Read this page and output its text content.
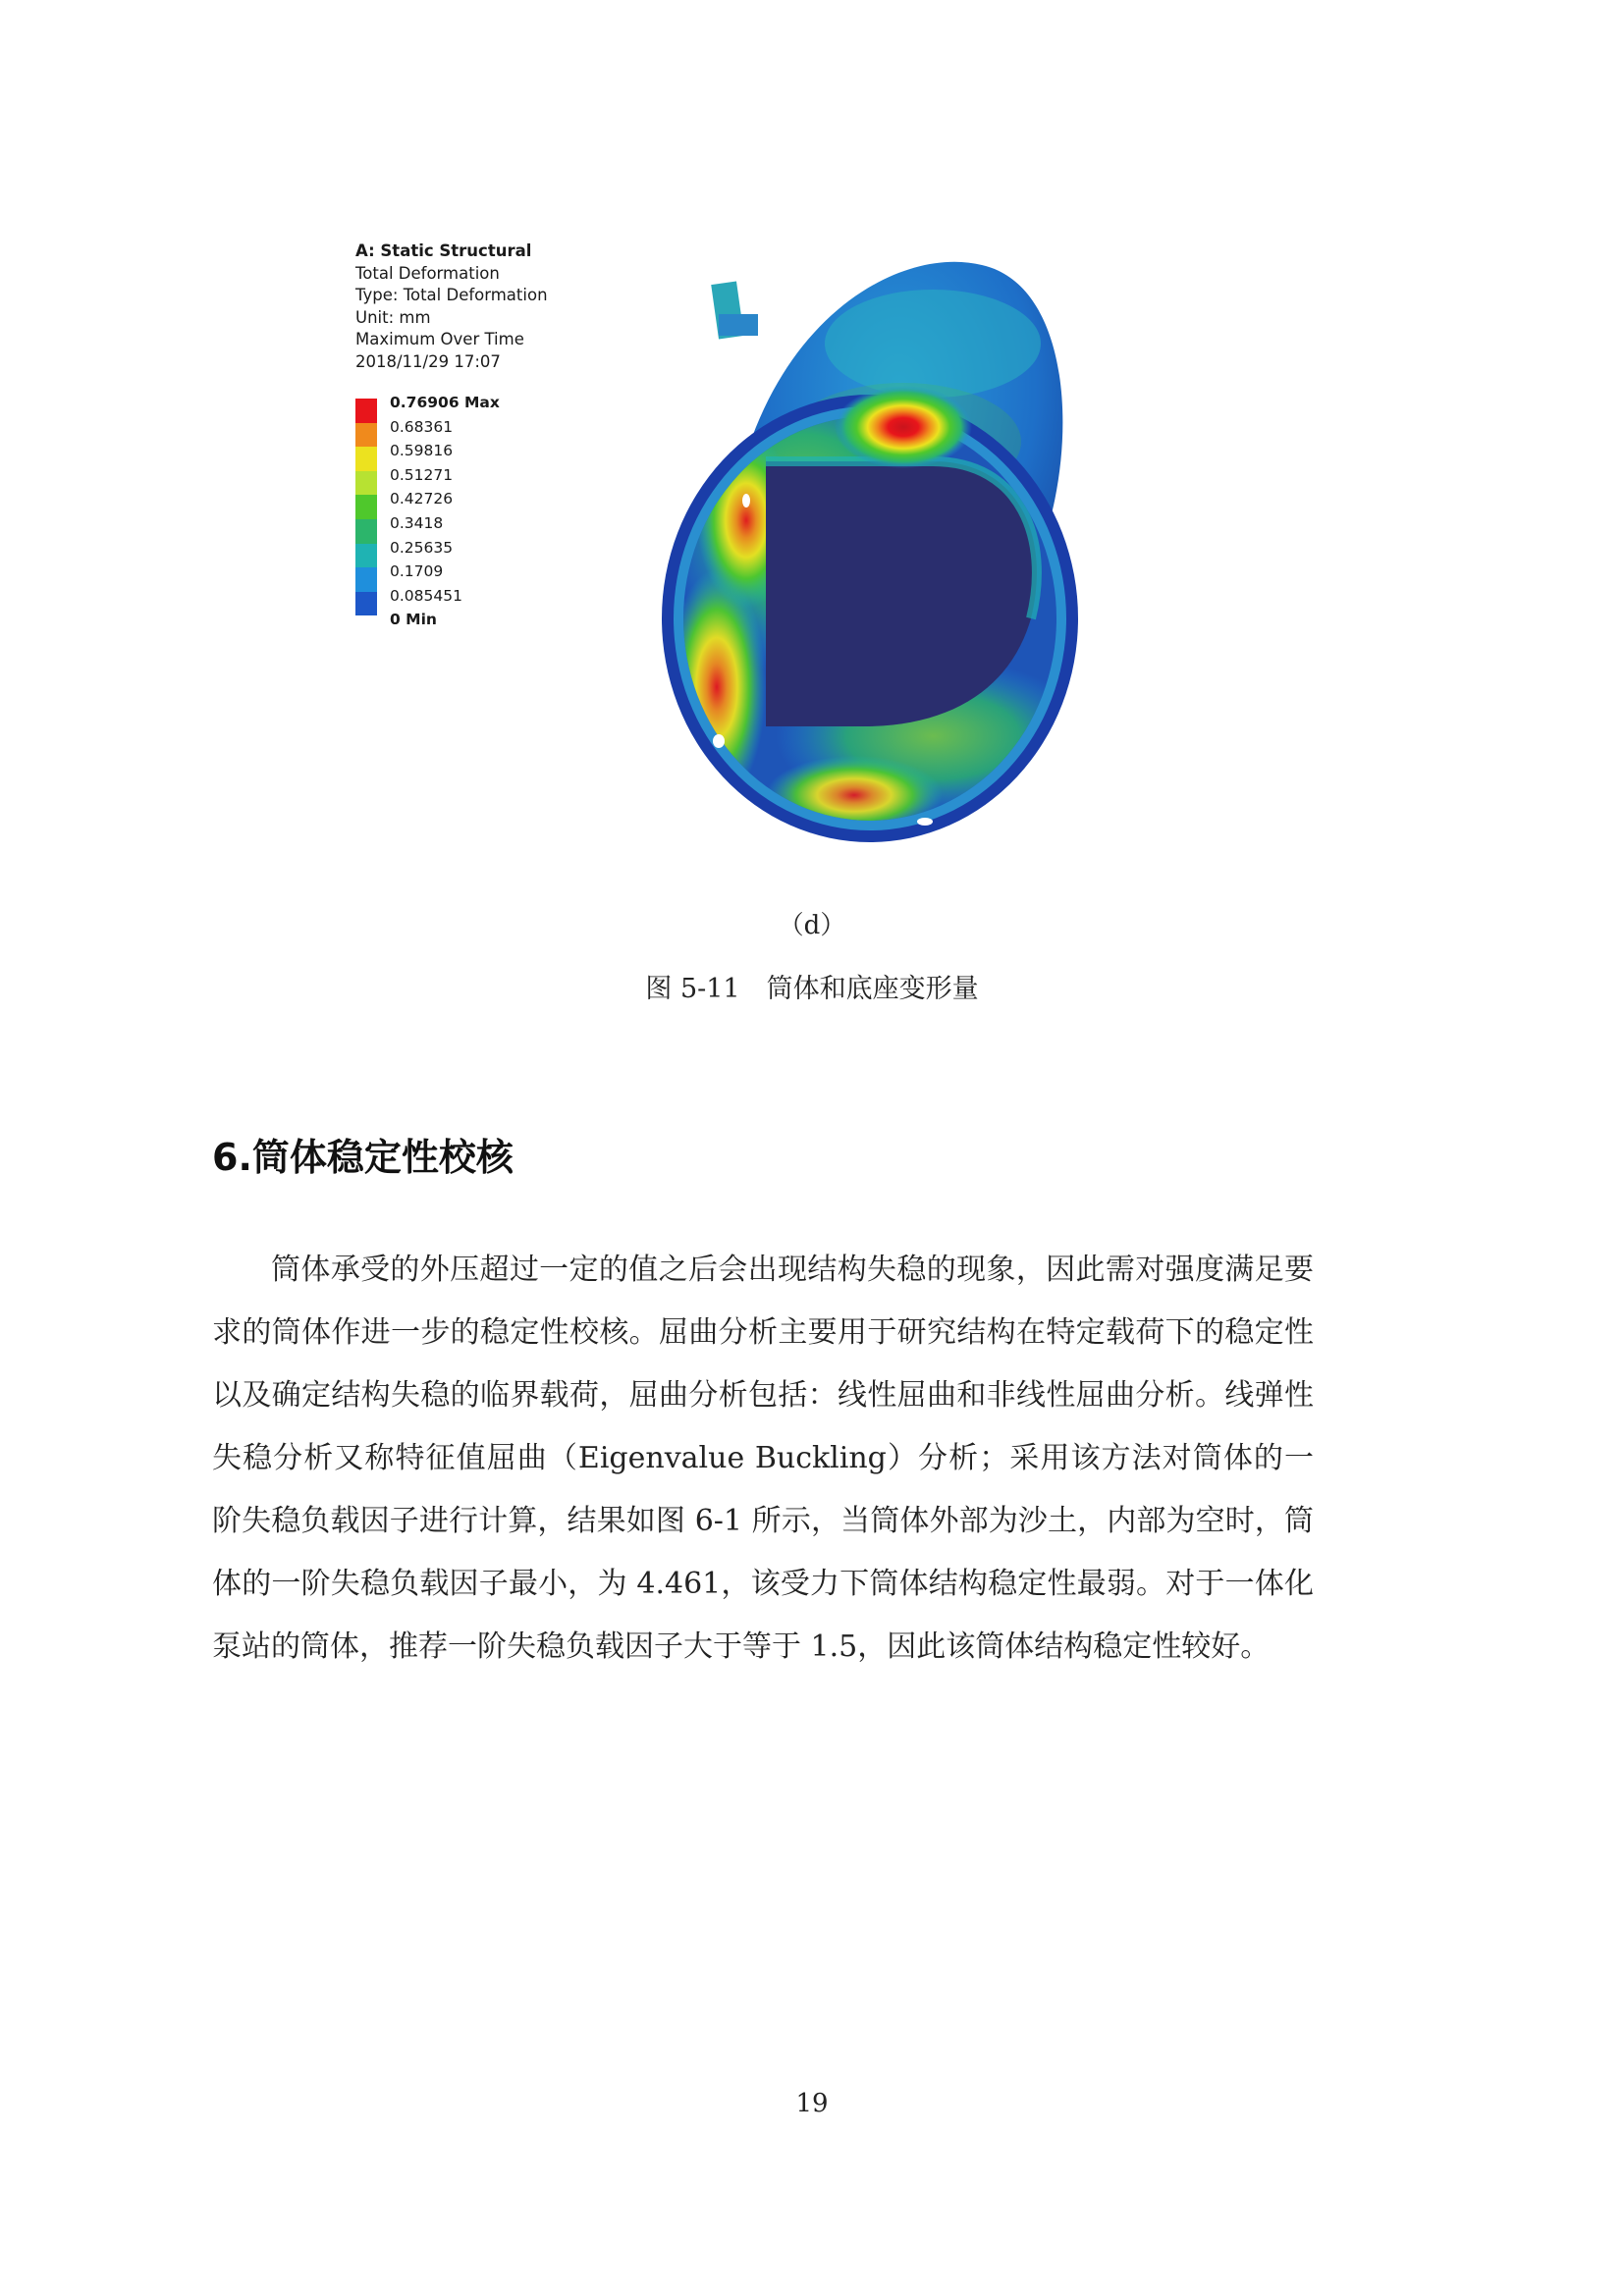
A: Static Structural
Total Deformation
Type: Total Deformation
Unit: mm
Maximum Over Time
2018/11/29 17:07
0.76906 Max
0.68361
0.59816
0.51271
0.42726
0.3418
0.25635
0.1709
0.085451
0 Min
（d）
图 5-11　筒体和底座变形量
6.筒体稳定性校核

筒体承受的外压超过一定的值之后会出现结构失稳的现象，因此需对强度满足要求的筒体作进一步的稳定性校核。屈曲分析主要用于研究结构在特定载荷下的稳定性以及确定结构失稳的临界载荷，屈曲分析包括：线性屈曲和非线性屈曲分析。线弹性失稳分析又称特征值屈曲（Eigenvalue Buckling）分析；采用该方法对筒体的一阶失稳负载因子进行计算，结果如图 6-1 所示，当筒体外部为沙土，内部为空时，筒体的一阶失稳负载因子最小，为 4.461，该受力下筒体结构稳定性最弱。对于一体化泵站的筒体，推荐一阶失稳负载因子大于等于 1.5，因此该筒体结构稳定性较好。

19
